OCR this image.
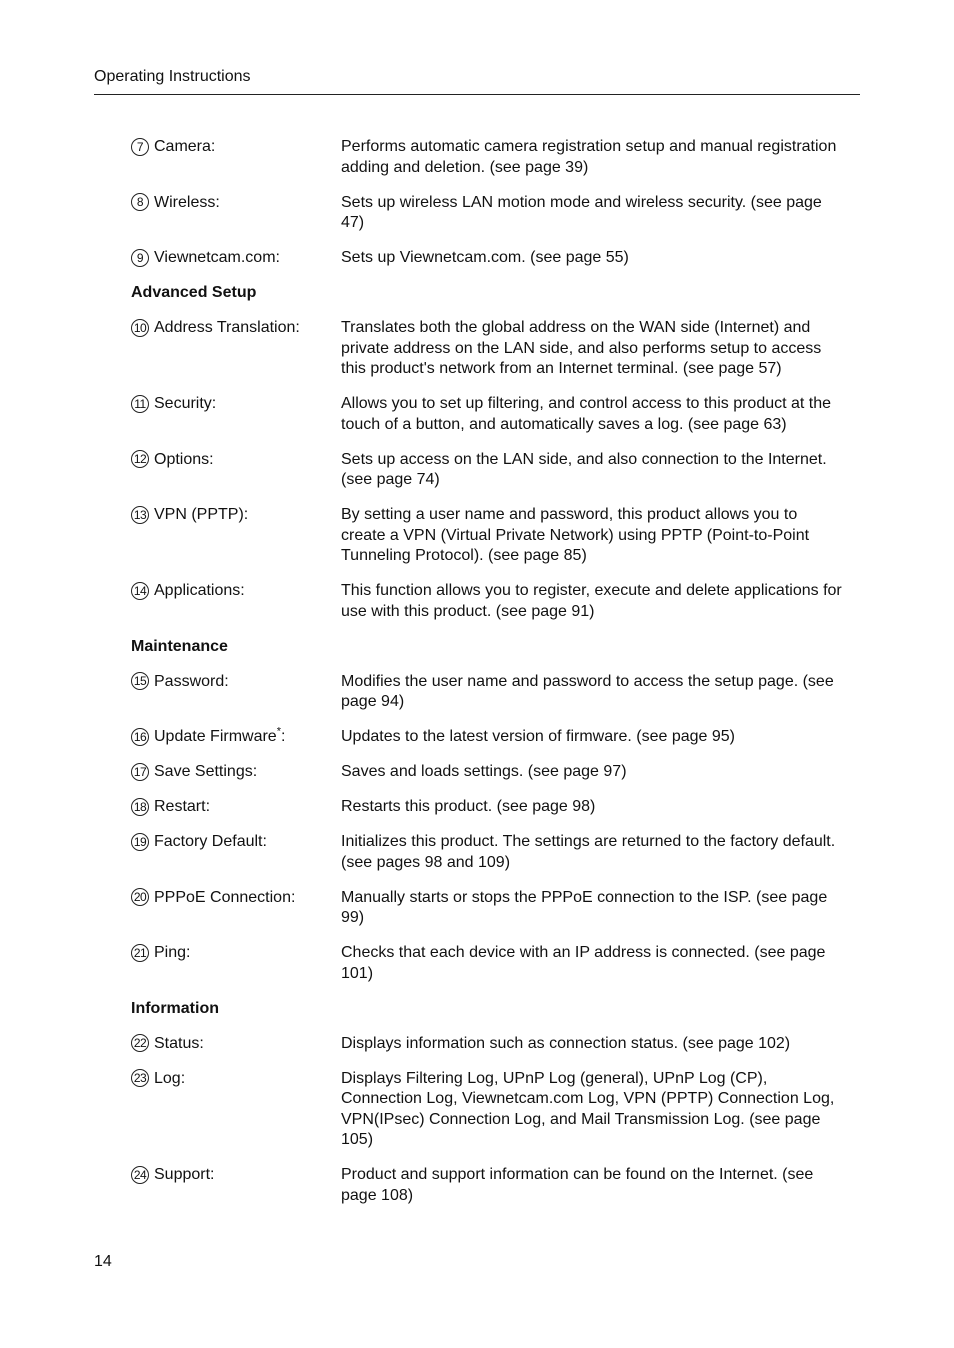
Operating Instructions
7 Camera:	Performs automatic camera registration setup and manual registration adding and deletion. (see page 39)
8 Wireless:	Sets up wireless LAN motion mode and wireless security. (see page 47)
9 Viewnetcam.com:	Sets up Viewnetcam.com. (see page 55)
Advanced Setup
10 Address Translation:	Translates both the global address on the WAN side (Internet) and private address on the LAN side, and also performs setup to access this product's network from an Internet terminal. (see page 57)
11 Security:	Allows you to set up filtering, and control access to this product at the touch of a button, and automatically saves a log. (see page 63)
12 Options:	Sets up access on the LAN side, and also connection to the Internet. (see page 74)
13 VPN (PPTP):	By setting a user name and password, this product allows you to create a VPN (Virtual Private Network) using PPTP (Point-to-Point Tunneling Protocol). (see page 85)
14 Applications:	This function allows you to register, execute and delete applications for use with this product. (see page 91)
Maintenance
15 Password:	Modifies the user name and password to access the setup page. (see page 94)
16 Update Firmware*:	Updates to the latest version of firmware. (see page 95)
17 Save Settings:	Saves and loads settings. (see page 97)
18 Restart:	Restarts this product. (see page 98)
19 Factory Default:	Initializes this product. The settings are returned to the factory default. (see pages 98 and 109)
20 PPPoE Connection:	Manually starts or stops the PPPoE connection to the ISP. (see page 99)
21 Ping:	Checks that each device with an IP address is connected. (see page 101)
Information
22 Status:	Displays information such as connection status. (see page 102)
23 Log:	Displays Filtering Log, UPnP Log (general), UPnP Log (CP), Connection Log, Viewnetcam.com Log, VPN (PPTP) Connection Log, VPN(IPsec) Connection Log, and Mail Transmission Log. (see page 105)
24 Support:	Product and support information can be found on the Internet. (see page 108)
14
